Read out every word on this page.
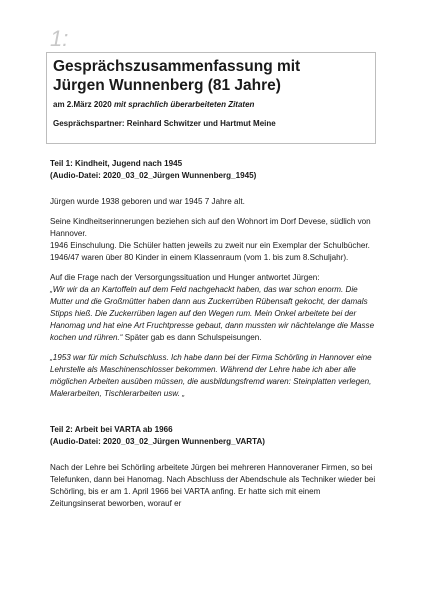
1:

Gesprächszusammenfassung mit
Jürgen Wunnenberg (81 Jahre)

am 2.März 2020 mit sprachlich überarbeiteten Zitaten
Gesprächspartner: Reinhard Schwitzer und Hartmut Meine

Teil 1: Kindheit, Jugend nach 1945
(Audio-Datei: 2020_03_02_Jürgen Wunnenberg_1945)

Jürgen wurde 1938 geboren und war 1945 7 Jahre alt.

Seine Kindheitserinnerungen beziehen sich auf den Wohnort im Dorf Devese, südlich von Hannover.
1946 Einschulung. Die Schüler hatten jeweils zu zweit nur ein Exemplar der Schulbücher. 1946/47 waren über 80 Kinder in einem Klassenraum (vom 1. bis zum 8.Schuljahr).

Auf die Frage nach der Versorgungssituation und Hunger antwortet Jürgen:
„Wir wir da an Kartoffeln auf dem Feld nachgehackt haben, das war schon enorm. Die Mutter und die Großmütter haben dann aus Zuckerrüben Rübensaft gekocht, der damals Stipps hieß. Die Zuckerrüben lagen auf den Wegen rum. Mein Onkel arbeitete bei der Hanomag und hat eine Art Fruchtpresse gebaut, dann mussten wir nächtelange die Masse kochen und rühren.“ Später gab es dann Schulspeisungen.

„1953 war für mich Schulschluss. Ich habe dann bei der Firma Schörling in Hannover eine Lehrstelle als Maschinenschlosser bekommen. Während der Lehre habe ich aber alle möglichen Arbeiten ausüben müssen, die ausbildungsfremd waren: Steinplatten verlegen, Malerarbeiten, Tischlerarbeiten usw. „

Teil 2: Arbeit bei VARTA ab 1966
(Audio-Datei: 2020_03_02_Jürgen Wunnenberg_VARTA)

Nach der Lehre bei Schörling arbeitete Jürgen bei mehreren Hannoveraner Firmen, so bei Telefunken, dann bei Hanomag. Nach Abschluss der Abendschule als Techniker wieder bei Schörling, bis er am 1. April 1966 bei VARTA anfing. Er hatte sich mit einem Zeitungsinserat beworben, worauf er
